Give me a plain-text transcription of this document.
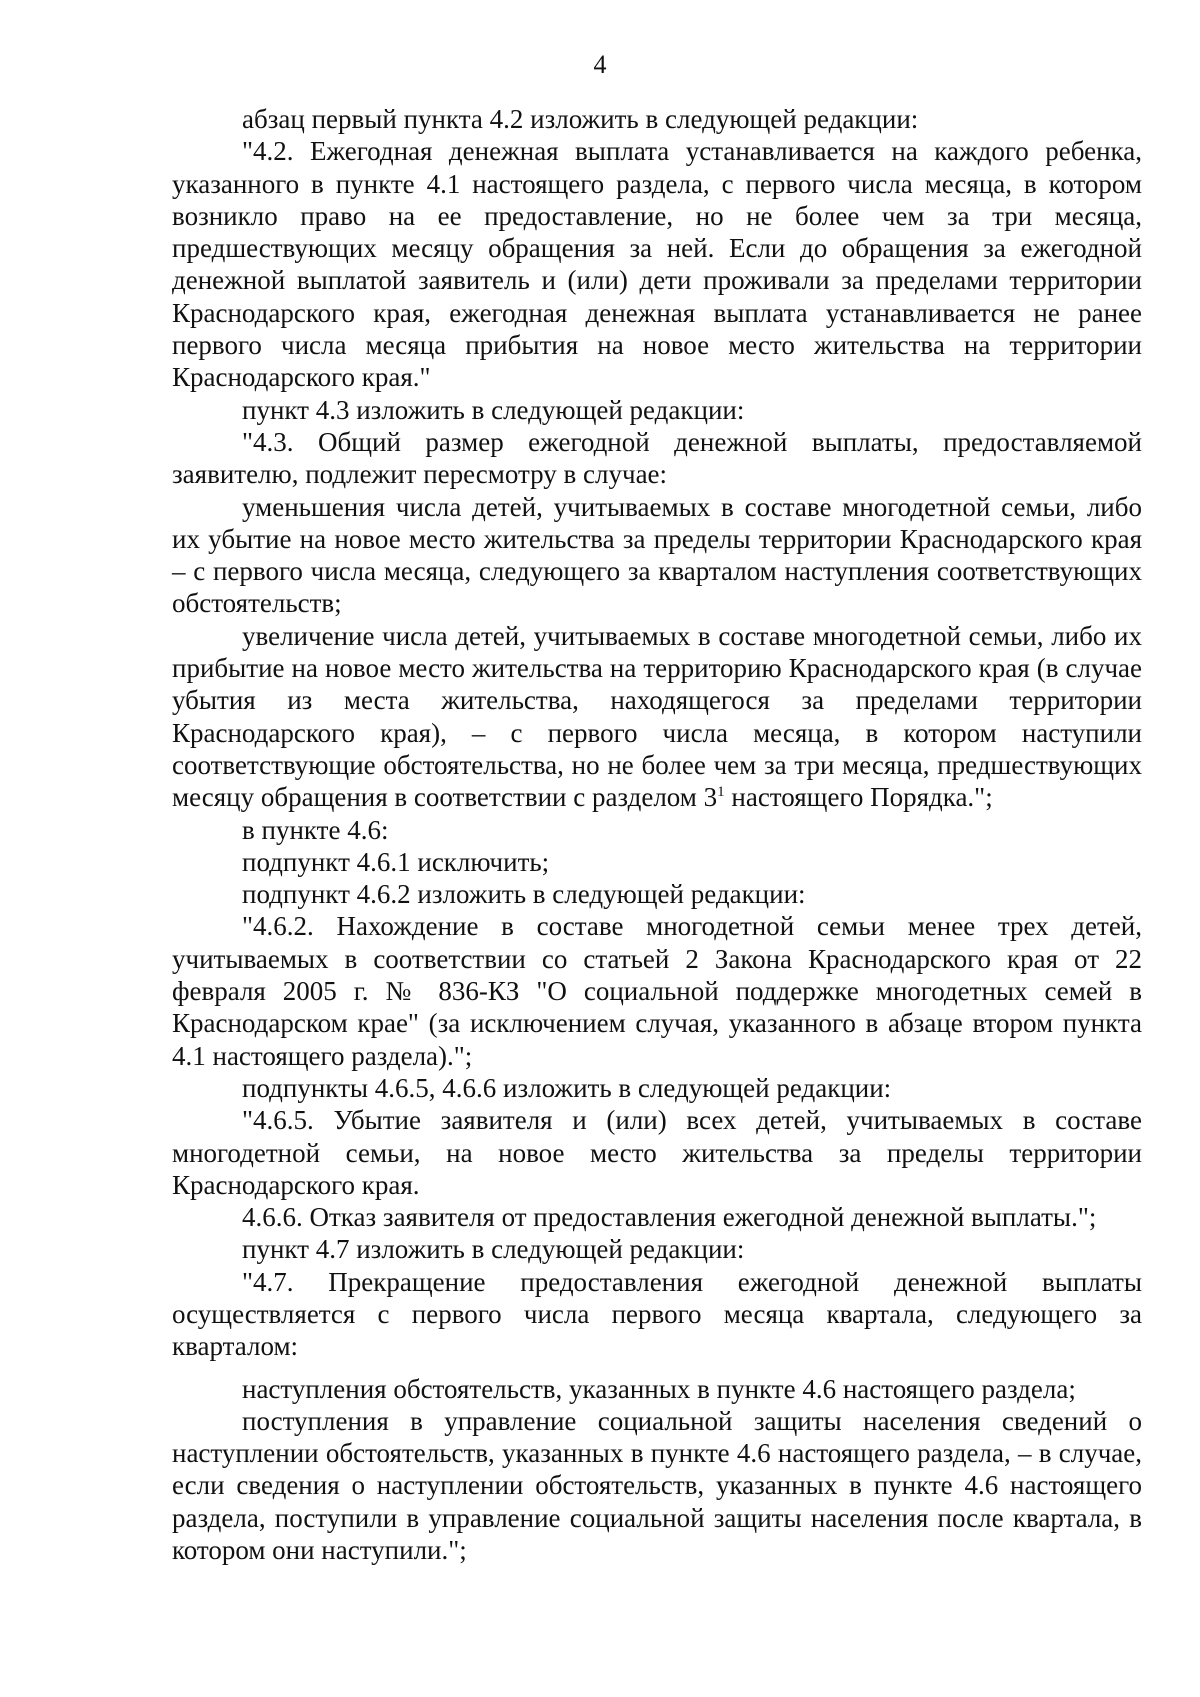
4

абзац первый пункта 4.2 изложить в следующей редакции:

"4.2. Ежегодная денежная выплата устанавливается на каждого ребенка, указанного в пункте 4.1 настоящего раздела, с первого числа месяца, в котором возникло право на ее предоставление, но не более чем за три месяца, предшествующих месяцу обращения за ней. Если до обращения за ежегодной денежной выплатой заявитель и (или) дети проживали за пределами территории Краснодарского края, ежегодная денежная выплата устанавливается не ранее первого числа месяца прибытия на новое место жительства на территории Краснодарского края."

пункт 4.3 изложить в следующей редакции:

"4.3. Общий размер ежегодной денежной выплаты, предоставляемой заявителю, подлежит пересмотру в случае:

уменьшения числа детей, учитываемых в составе многодетной семьи, либо их убытие на новое место жительства за пределы территории Краснодарского края – с первого числа месяца, следующего за кварталом наступления соответствующих обстоятельств;

увеличение числа детей, учитываемых в составе многодетной семьи, либо их прибытие на новое место жительства на территорию Краснодарского края (в случае убытия из места жительства, находящегося за пределами территории Краснодарского края), – с первого числа месяца, в котором наступили соответствующие обстоятельства, но не более чем за три месяца, предшествующих месяцу обращения в соответствии с разделом $3^1$ настоящего Порядка.";

в пункте 4.6:

подпункт 4.6.1 исключить;

подпункт 4.6.2 изложить в следующей редакции:

"4.6.2. Нахождение в составе многодетной семьи менее трех детей, учитываемых в соответствии со статьей 2 Закона Краснодарского края от 22 февраля 2005 г. № 836-КЗ "О социальной поддержке многодетных семей в Краснодарском крае" (за исключением случая, указанного в абзаце втором пункта 4.1 настоящего раздела).";

подпункты 4.6.5, 4.6.6 изложить в следующей редакции:

"4.6.5. Убытие заявителя и (или) всех детей, учитываемых в составе многодетной семьи, на новое место жительства за пределы территории Краснодарского края.

4.6.6. Отказ заявителя от предоставления ежегодной денежной выплаты.";

пункт 4.7 изложить в следующей редакции:

"4.7. Прекращение предоставления ежегодной денежной выплаты осуществляется с первого числа первого месяца квартала, следующего за кварталом:

наступления обстоятельств, указанных в пункте 4.6 настоящего раздела;

поступления в управление социальной защиты населения сведений о наступлении обстоятельств, указанных в пункте 4.6 настоящего раздела, – в случае, если сведения о наступлении обстоятельств, указанных в пункте 4.6 настоящего раздела, поступили в управление социальной защиты населения после квартала, в котором они наступили.";
